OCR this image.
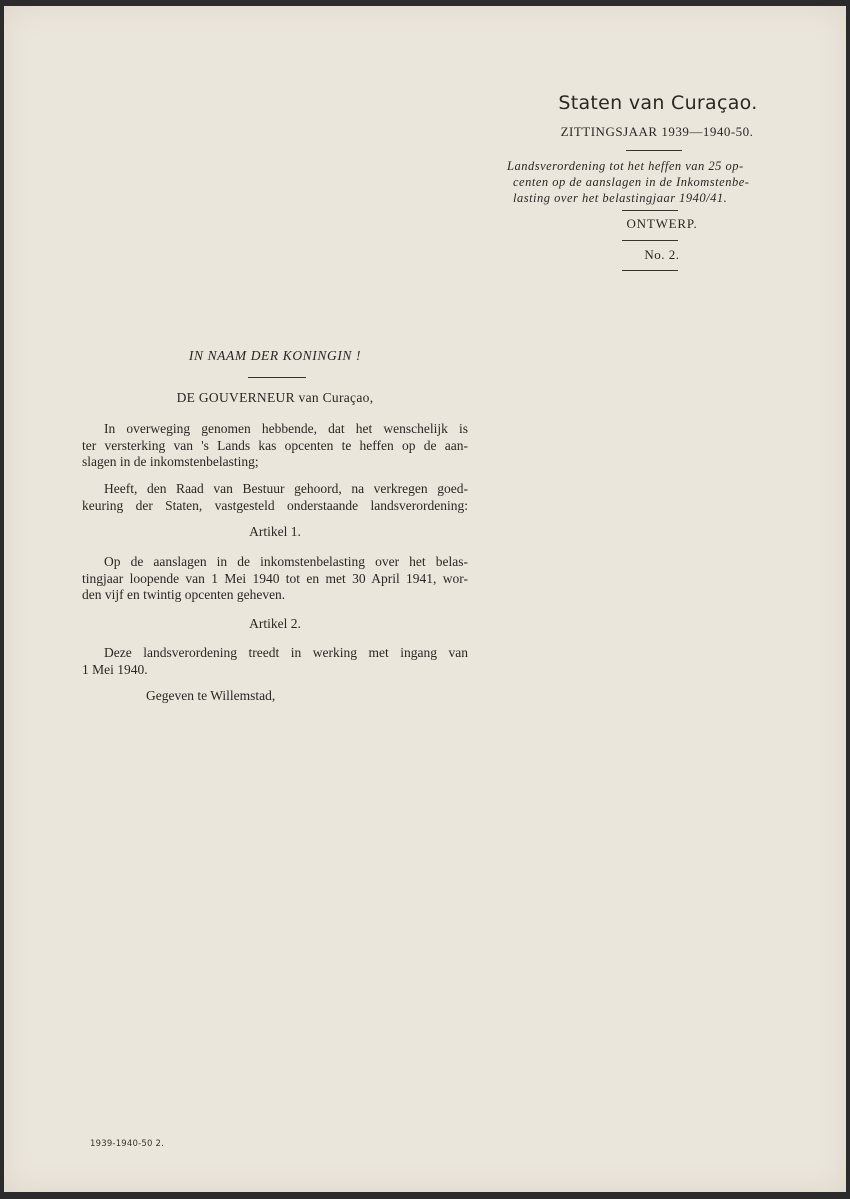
Staten van Curaçao.
ZITTINGSJAAR 1939—1940-50.
Landsverordening tot het heffen van 25 op-
centen op de aanslagen in de Inkomstenbe-
lasting over het belastingjaar 1940/41.
ONTWERP.
No. 2.
IN NAAM DER KONINGIN !
DE GOUVERNEUR van Curaçao,
In overweging genomen hebbende, dat het wenschelijk is
ter versterking van 's Lands kas opcenten te heffen op de aan-
slagen in de inkomstenbelasting;
Heeft, den Raad van Bestuur gehoord, na verkregen goed-
keuring der Staten, vastgesteld onderstaande landsverordening:
Artikel 1.
Op de aanslagen in de inkomstenbelasting over het belas-
tingjaar loopende van 1 Mei 1940 tot en met 30 April 1941, wor-
den vijf en twintig opcenten geheven.
Artikel 2.
Deze landsverordening treedt in werking met ingang van
1 Mei 1940.
Gegeven te Willemstad,
1939-1940-50 2.
